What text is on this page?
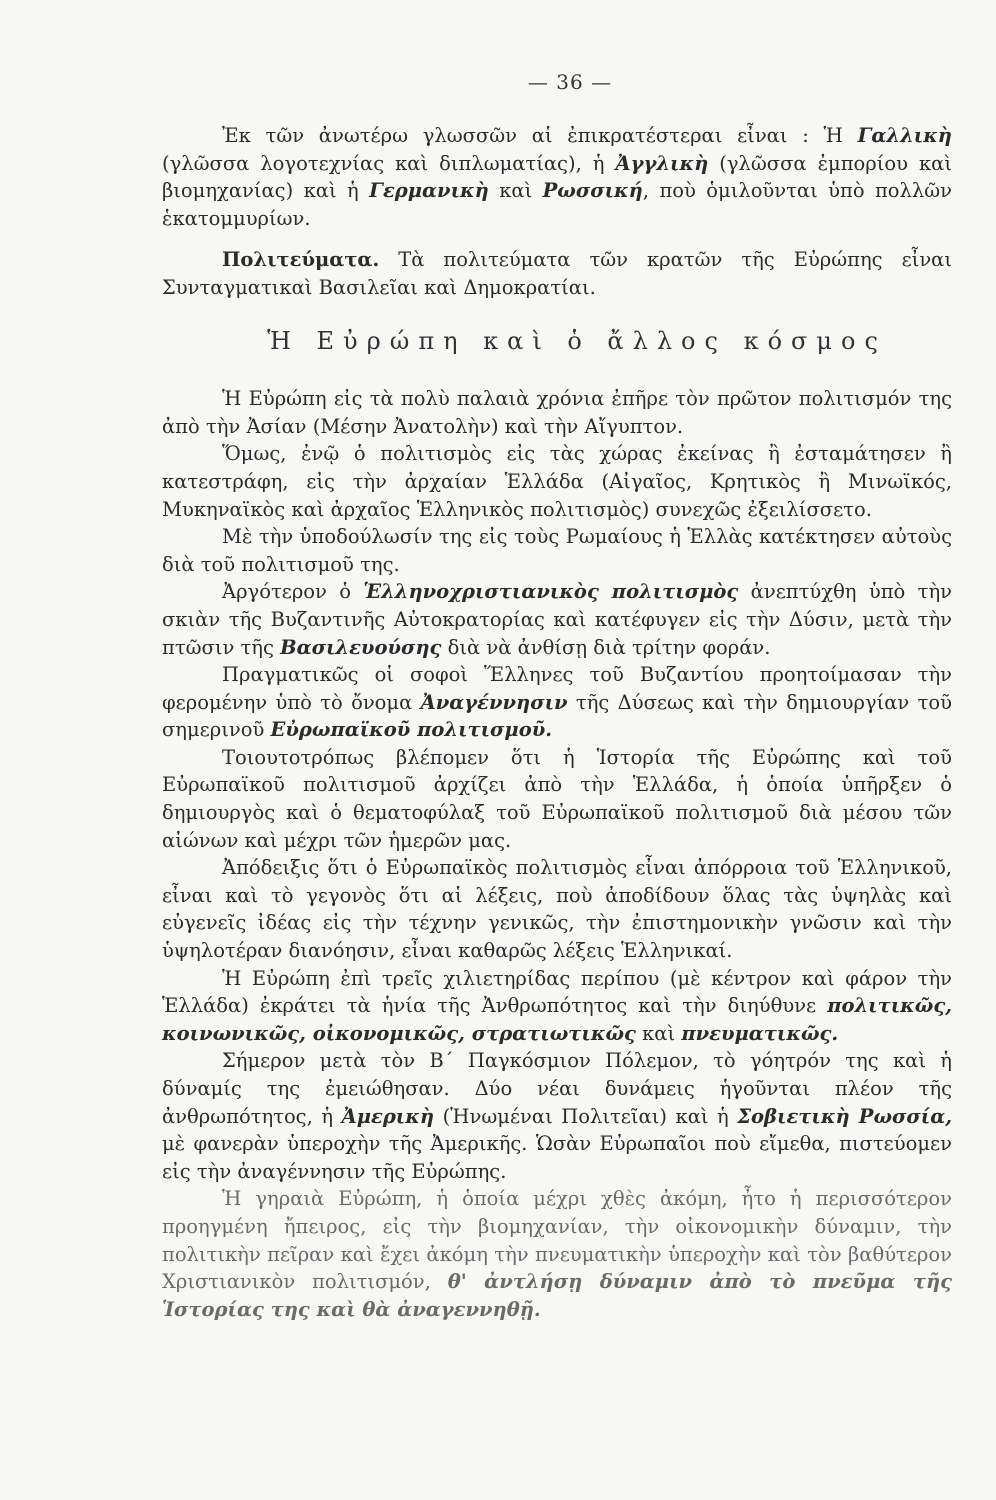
— 36 —

Ἐκ τῶν ἀνωτέρω γλωσσῶν αἱ ἐπικρατέστεραι εἶναι : Ἡ Γαλλικὴ (γλῶσσα λογοτεχνίας καὶ διπλωματίας), ἡ Ἀγγλικὴ (γλῶσσα ἐμπορίου καὶ βιομηχανίας) καὶ ἡ Γερμανικὴ καὶ Ρωσσική, ποὺ ὁμιλοῦνται ὑπὸ πολλῶν ἑκατομμυρίων.

Πολιτεύματα. Τὰ πολιτεύματα τῶν κρατῶν τῆς Εὐρώπης εἶναι Συνταγματικαὶ Βασιλεῖαι καὶ Δημοκρατίαι.

Ἡ Εὐρώπη καὶ ὁ ἄλλος κόσμος

Ἡ Εὐρώπη εἰς τὰ πολὺ παλαιὰ χρόνια ἐπῆρε τὸν πρῶτον πολιτισμόν της ἀπὸ τὴν Ἀσίαν (Μέσην Ἀνατολὴν) καὶ τὴν Αἴγυπτον.

Ὅμως, ἐνῷ ὁ πολιτισμὸς εἰς τὰς χώρας ἐκείνας ἢ ἐσταμάτησεν ἢ κατεστράφη, εἰς τὴν ἀρχαίαν Ἑλλάδα (Αἰγαῖος, Κρητικὸς ἢ Μινωϊκός, Μυκηναϊκὸς καὶ ἀρχαῖος Ἑλληνικὸς πολιτισμὸς) συνεχῶς ἐξειλίσσετο.

Μὲ τὴν ὑποδούλωσίν της εἰς τοὺς Ρωμαίους ἡ Ἑλλὰς κατέκτησεν αὐτοὺς διὰ τοῦ πολιτισμοῦ της.

Ἀργότερον ὁ Ἑλληνοχριστιανικὸς πολιτισμὸς ἀνεπτύχθη ὑπὸ τὴν σκιὰν τῆς Βυζαντινῆς Αὐτοκρατορίας καὶ κατέφυγεν εἰς τὴν Δύσιν, μετὰ τὴν πτῶσιν τῆς Βασιλευούσης διὰ νὰ ἀνθίσῃ διὰ τρίτην φοράν.

Πραγματικῶς οἱ σοφοὶ Ἕλληνες τοῦ Βυζαντίου προητοίμασαν τὴν φερομένην ὑπὸ τὸ ὄνομα Ἀναγέννησιν τῆς Δύσεως καὶ τὴν δημιουργίαν τοῦ σημερινοῦ Εὐρωπαϊκοῦ πολιτισμοῦ.

Τοιουτοτρόπως βλέπομεν ὅτι ἡ Ἱστορία τῆς Εὐρώπης καὶ τοῦ Εὐρωπαϊκοῦ πολιτισμοῦ ἀρχίζει ἀπὸ τὴν Ἑλλάδα, ἡ ὁποία ὑπῆρξεν ὁ δημιουργὸς καὶ ὁ θεματοφύλαξ τοῦ Εὐρωπαϊκοῦ πολιτισμοῦ διὰ μέσου τῶν αἰώνων καὶ μέχρι τῶν ἡμερῶν μας.

Ἀπόδειξις ὅτι ὁ Εὐρωπαϊκὸς πολιτισμὸς εἶναι ἀπόρροια τοῦ Ἑλληνικοῦ, εἶναι καὶ τὸ γεγονὸς ὅτι αἱ λέξεις, ποὺ ἀποδίδουν ὅλας τὰς ὑψηλὰς καὶ εὐγενεῖς ἰδέας εἰς τὴν τέχνην γενικῶς, τὴν ἐπιστημονικὴν γνῶσιν καὶ τὴν ὑψηλοτέραν διανόησιν, εἶναι καθαρῶς λέξεις Ἑλληνικαί.

Ἡ Εὐρώπη ἐπὶ τρεῖς χιλιετηρίδας περίπου (μὲ κέντρον καὶ φάρον τὴν Ἑλλάδα) ἐκράτει τὰ ἡνία τῆς Ἀνθρωπότητος καὶ τὴν διηύθυνε πολιτικῶς, κοινωνικῶς, οἰκονομικῶς, στρατιωτικῶς καὶ πνευματικῶς.

Σήμερον μετὰ τὸν Β΄ Παγκόσμιον Πόλεμον, τὸ γόητρόν της καὶ ἡ δύναμίς της ἐμειώθησαν. Δύο νέαι δυνάμεις ἡγοῦνται πλέον τῆς ἀνθρωπότητος, ἡ Ἀμερικὴ (Ἡνωμέναι Πολιτεῖαι) καὶ ἡ Σοβιετικὴ Ρωσσία, μὲ φανερὰν ὑπεροχὴν τῆς Ἀμερικῆς. Ὡσὰν Εὐρωπαῖοι ποὺ εἴμεθα, πιστεύομεν εἰς τὴν ἀναγέννησιν τῆς Εὐρώπης.

Ἡ γηραιὰ Εὐρώπη, ἡ ὁποία μέχρι χθὲς ἀκόμη, ἦτο ἡ περισσότερον προηγμένη ἤπειρος, εἰς τὴν βιομηχανίαν, τὴν οἰκονομικὴν δύναμιν, τὴν πολιτικὴν πεῖραν καὶ ἔχει ἀκόμη τὴν πνευματικὴν ὑπεροχὴν καὶ τὸν βαθύτερον Χριστιανικὸν πολιτισμόν, θ' ἀντλήσῃ δύναμιν ἀπὸ τὸ πνεῦμα τῆς Ἱστορίας της καὶ θὰ ἀναγεννηθῇ.
